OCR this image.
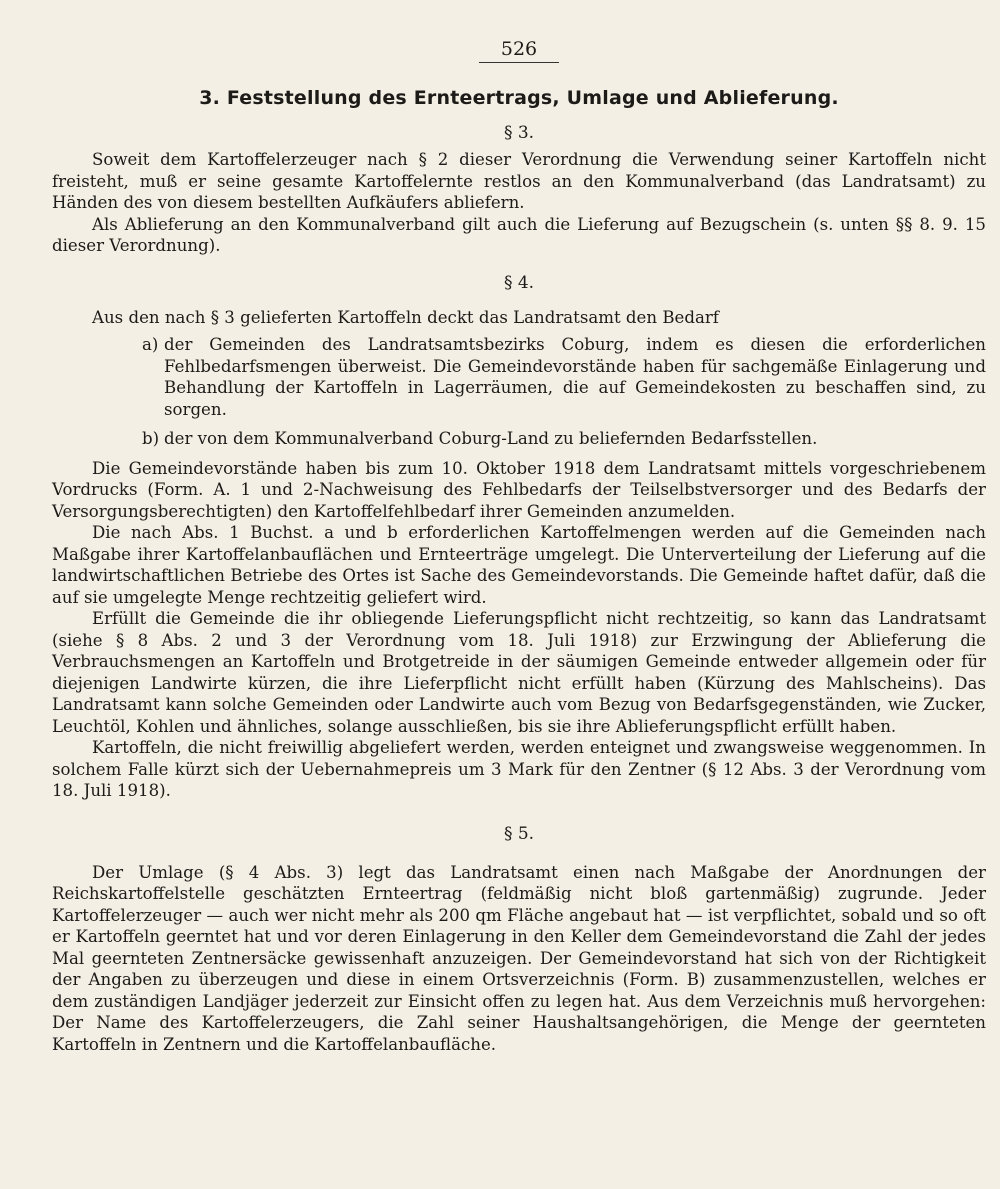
526
3. Feststellung des Ernteertrags, Umlage und Ablieferung.
§ 3.

Soweit dem Kartoffelerzeuger nach § 2 dieser Verordnung die Verwendung seiner Kartoffeln nicht freisteht, muß er seine gesamte Kartoffelernte restlos an den Kommunalverband (das Landratsamt) zu Händen des von diesem bestellten Aufkäufers abliefern.

Als Ablieferung an den Kommunalverband gilt auch die Lieferung auf Bezugschein (s. unten §§ 8. 9. 15 dieser Verordnung).

§ 4.

Aus den nach § 3 gelieferten Kartoffeln deckt das Landratsamt den Bedarf

a) der Gemeinden des Landratsamtsbezirks Coburg, indem es diesen die erforderlichen Fehlbedarfsmengen überweist. Die Gemeindevorstände haben für sachgemäße Einlagerung und Behandlung der Kartoffeln in Lagerräumen, die auf Gemeindekosten zu beschaffen sind, zu sorgen.
b) der von dem Kommunalverband Coburg-Land zu beliefernden Bedarfsstellen.

Die Gemeindevorstände haben bis zum 10. Oktober 1918 dem Landratsamt mittels vorgeschriebenem Vordrucks (Form. A. 1 und 2-Nachweisung des Fehlbedarfs der Teilselbstversorger und des Bedarfs der Versorgungsberechtigten) den Kartoffelfehlbedarf ihrer Gemeinden anzumelden.

Die nach Abs. 1 Buchst. a und b erforderlichen Kartoffelmengen werden auf die Gemeinden nach Maßgabe ihrer Kartoffelanbauflächen und Ernteerträge umgelegt. Die Unterverteilung der Lieferung auf die landwirtschaftlichen Betriebe des Ortes ist Sache des Gemeindevorstands. Die Gemeinde haftet dafür, daß die auf sie umgelegte Menge rechtzeitig geliefert wird.

Erfüllt die Gemeinde die ihr obliegende Lieferungspflicht nicht rechtzeitig, so kann das Landratsamt (siehe § 8 Abs. 2 und 3 der Verordnung vom 18. Juli 1918) zur Erzwingung der Ablieferung die Verbrauchsmengen an Kartoffeln und Brotgetreide in der säumigen Gemeinde entweder allgemein oder für diejenigen Landwirte kürzen, die ihre Lieferpflicht nicht erfüllt haben (Kürzung des Mahlscheins). Das Landratsamt kann solche Gemeinden oder Landwirte auch vom Bezug von Bedarfsgegenständen, wie Zucker, Leuchtöl, Kohlen und ähnliches, solange ausschließen, bis sie ihre Ablieferungspflicht erfüllt haben.

Kartoffeln, die nicht freiwillig abgeliefert werden, werden enteignet und zwangsweise weggenommen. In solchem Falle kürzt sich der Uebernahmepreis um 3 Mark für den Zentner (§ 12 Abs. 3 der Verordnung vom 18. Juli 1918).

§ 5.

Der Umlage (§ 4 Abs. 3) legt das Landratsamt einen nach Maßgabe der Anordnungen der Reichskartoffelstelle geschätzten Ernteertrag (feldmäßig nicht bloß gartenmäßig) zugrunde. Jeder Kartoffelerzeuger — auch wer nicht mehr als 200 qm Fläche angebaut hat — ist verpflichtet, sobald und so oft er Kartoffeln geerntet hat und vor deren Einlagerung in den Keller dem Gemeindevorstand die Zahl der jedes Mal geernteten Zentnersäcke gewissenhaft anzuzeigen. Der Gemeindevorstand hat sich von der Richtigkeit der Angaben zu überzeugen und diese in einem Ortsverzeichnis (Form. B) zusammenzustellen, welches er dem zuständigen Landjäger jederzeit zur Einsicht offen zu legen hat. Aus dem Verzeichnis muß hervorgehen: Der Name des Kartoffelerzeugers, die Zahl seiner Haushaltsangehörigen, die Menge der geernteten Kartoffeln in Zentnern und die Kartoffelanbaufläche.
